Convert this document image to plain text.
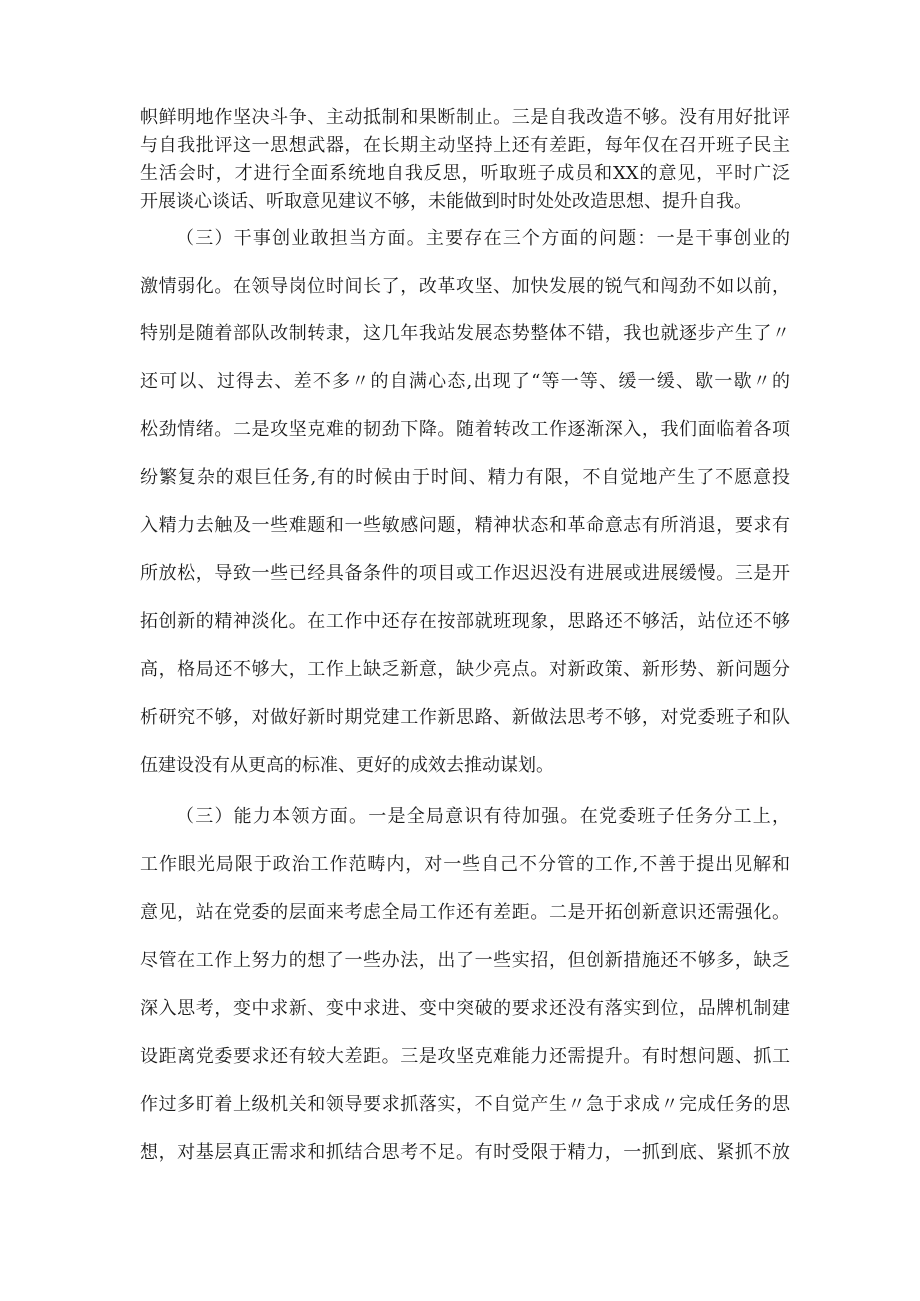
帜鲜明地作坚决斗争、主动抵制和果断制止。三是自我改造不够。没有用好批评
与自我批评这一思想武器，在长期主动坚持上还有差距，每年仅在召开班子民主
生活会时，才进行全面系统地自我反思，听取班子成员和XX的意见，平时广泛
开展谈心谈话、听取意见建议不够，未能做到时时处处改造思想、提升自我。
（三）干事创业敢担当方面。主要存在三个方面的问题：一是干事创业的
激情弱化。在领导岗位时间长了，改革攻坚、加快发展的锐气和闯劲不如以前，
特别是随着部队改制转隶，这几年我站发展态势整体不错，我也就逐步产生了〃
还可以、过得去、差不多〃的自满心态,出现了“等一等、缓一缓、歇一歇〃的
松劲情绪。二是攻坚克难的韧劲下降。随着转改工作逐渐深入，我们面临着各项
纷繁复杂的艰巨任务,有的时候由于时间、精力有限，不自觉地产生了不愿意投
入精力去触及一些难题和一些敏感问题，精神状态和革命意志有所消退，要求有
所放松，导致一些已经具备条件的项目或工作迟迟没有进展或进展缓慢。三是开
拓创新的精神淡化。在工作中还存在按部就班现象，思路还不够活，站位还不够
高，格局还不够大，工作上缺乏新意，缺少亮点。对新政策、新形势、新问题分
析研究不够，对做好新时期党建工作新思路、新做法思考不够，对党委班子和队
伍建设没有从更高的标准、更好的成效去推动谋划。
（三）能力本领方面。一是全局意识有待加强。在党委班子任务分工上，
工作眼光局限于政治工作范畴内，对一些自己不分管的工作,不善于提出见解和
意见，站在党委的层面来考虑全局工作还有差距。二是开拓创新意识还需强化。
尽管在工作上努力的想了一些办法，出了一些实招，但创新措施还不够多，缺乏
深入思考，变中求新、变中求进、变中突破的要求还没有落实到位，品牌机制建
设距离党委要求还有较大差距。三是攻坚克难能力还需提升。有时想问题、抓工
作过多盯着上级机关和领导要求抓落实，不自觉产生〃急于求成〃完成任务的思
想，对基层真正需求和抓结合思考不足。有时受限于精力，一抓到底、紧抓不放
